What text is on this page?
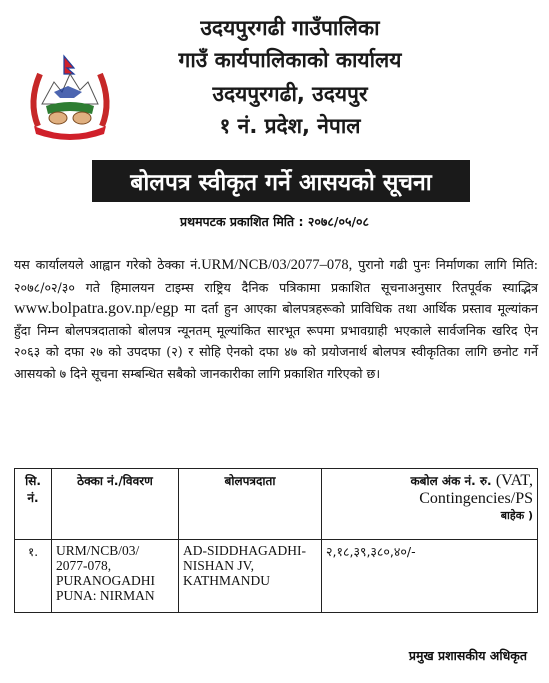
उदयपुरगढी गाउँपालिका
गाउँ कार्यपालिकाको कार्यालय
उदयपुरगढी, उदयपुर
१ नं. प्रदेश, नेपाल
बोलपत्र स्वीकृत गर्ने आसयको सूचना
प्रथमपटक प्रकाशित मिति : २०७८/०५/०८
यस कार्यालयले आह्वान गरेको ठेक्का नं.URM/NCB/03/2077–078, पुरानो गढी पुनः निर्माणका लागि मिति: २०७८/०२/३० गते हिमालयन टाइम्स राष्ट्रिय दैनिक पत्रिकामा प्रकाशित सूचनाअनुसार रितपूर्वक स्याद्भित्र www.bolpatra.gov.np/egp मा दर्ता हुन आएका बोलपत्रहरूको प्राविधिक तथा आर्थिक प्रस्ताव मूल्यांकन हुँदा निम्न बोलपत्रदाताको बोलपत्र न्यूनतम् मूल्यांकित सारभूत रूपमा प्रभावग्राही भएकाले सार्वजनिक खरिद ऐन २०६३ को दफा २७ को उपदफा (२) र सोहि ऐनको दफा ४७ को प्रयोजनार्थ बोलपत्र स्वीकृतिका लागि छनोट गर्ने आसयको ७ दिने सूचना सम्बन्धित सबैको जानकारीका लागि प्रकाशित गरिएको छ।
सि. नं.	ठेक्का नं./विवरण	बोलपत्रदाता	कबोल अंक नं. रु. (VAT, Contingencies/PS
बाहेक )
१.	URM/NCB/03/ 2077-078, PURANOGADHI PUNA: NIRMAN	AD-SIDDHAGADHI-NISHAN JV, KATHMANDU	२,१८,३९,३८०,४०/-
प्रमुख प्रशासकीय अधिकृत
